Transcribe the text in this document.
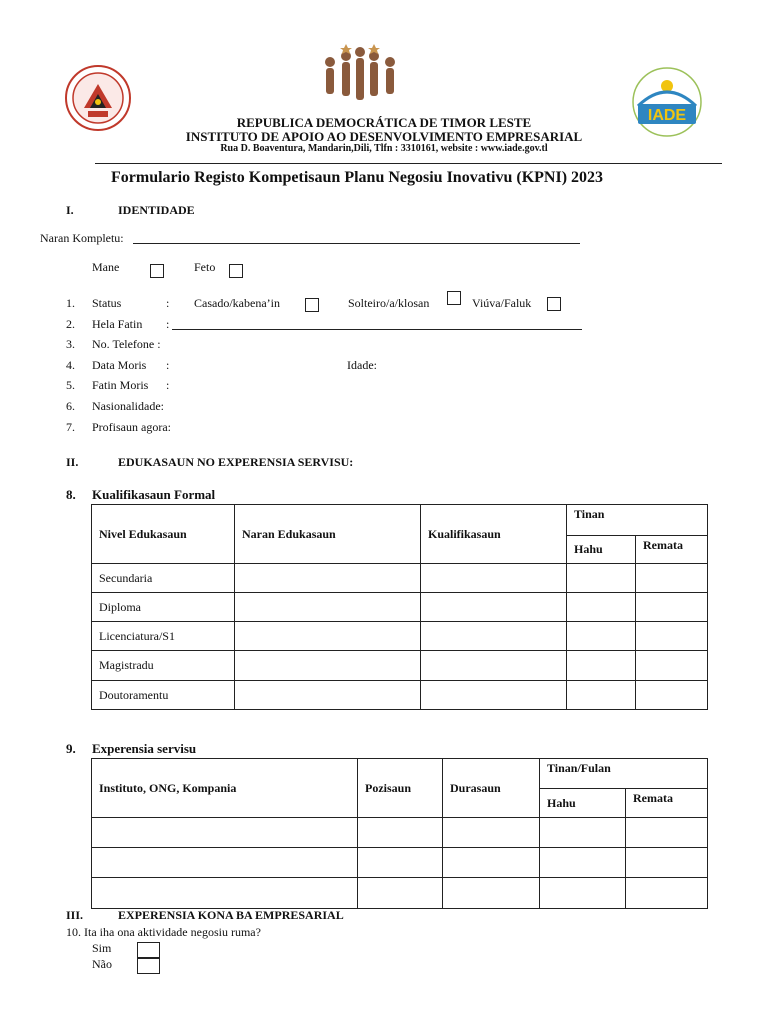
IADE
REPUBLICA DEMOCRÁTICA DE TIMOR LESTE
INSTITUTO DE APOIO AO DESENVOLVIMENTO EMPRESARIAL
Rua D. Boaventura, Mandarin,Dili, Tlfn : 3310161, website : www.iade.gov.tl
Formulario Registo Kompetisaun Planu Negosiu Inovativu (KPNI) 2023
I.	IDENTIDADE
Naran Kompletu:
Mane	Feto
1. Status	: Casado/kabena’in	Solteiro/a/klosan	Viúva/Faluk
2. Hela Fatin :
3. No. Telefone :
4. Data Moris :	Idade:
5. Fatin Moris :
6. Nasionalidade:
7. Profisaun agora:
II.	EDUKASAUN NO EXPERENSIA SERVISU:
8. Kualifikasaun Formal
Nivel Edukasaun	Naran Edukasaun	Kualifikasaun	Tinan	
			Hahu	Remata
Secundaria				
Diploma				
Licenciatura/S1				
Magistradu				
Doutoramentu				
9. Experensia servisu
Instituto, ONG, Kompania	Pozisaun	Durasaun	Tinan/Fulan	
			Hahu	Remata

III.	EXPERENSIA KONA BA EMPRESARIAL
10. Ita iha ona aktividade negosiu ruma?
Sim
Não
